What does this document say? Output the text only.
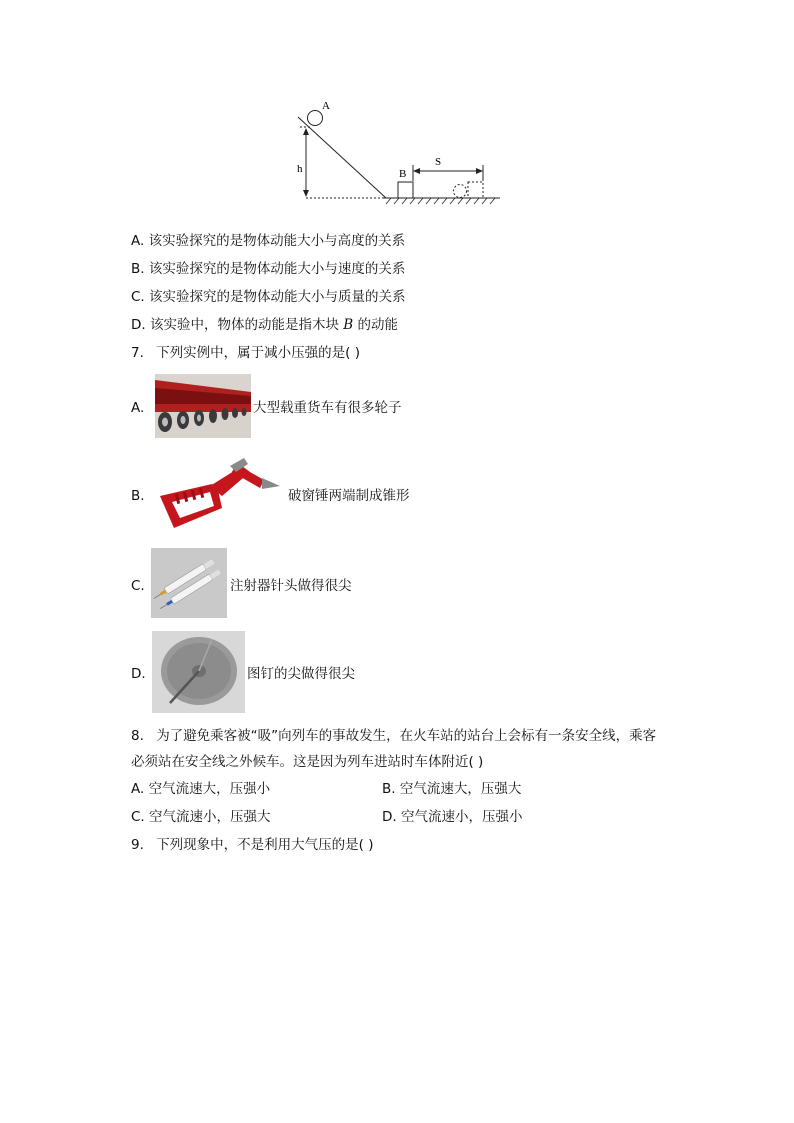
A
h	B
S
A. 该实验探究的是物体动能大小与高度的关系
B. 该实验探究的是物体动能大小与速度的关系
C. 该实验探究的是物体动能大小与质量的关系
D. 该实验中，物体的动能是指木块 B 的动能
7. 下列实例中，属于减小压强的是( )
A.	大型载重货车有很多轮子
B.	破窗锤两端制成锥形
C.	注射器针头做得很尖
D.	图钉的尖做得很尖
8. 为了避免乘客被“吸”向列车的事故发生，在火车站的站台上会标有一条安全线，乘客
必须站在安全线之外候车。这是因为列车进站时车体附近( )
A. 空气流速大，压强小	B. 空气流速大，压强大
C. 空气流速小，压强大	D. 空气流速小，压强小
9. 下列现象中，不是利用大气压的是( )
